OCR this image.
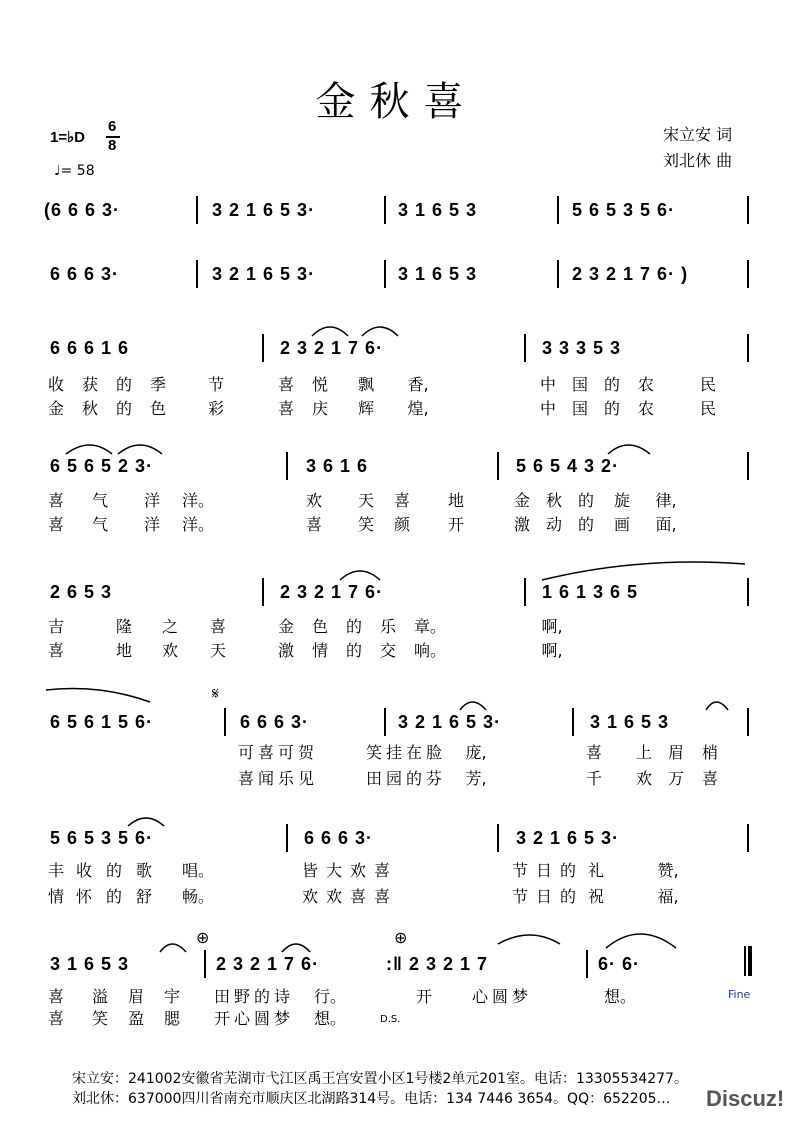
金秋喜
1=♭D
6
8
♩= 58
宋立安 词
刘北休 曲
(6 6 6 3·	3 2 1 6 5 3·	3 1 6 5 3	5 6 5 3 5 6·
6 6 6 3·	3 2 1 6 5 3·	3 1 6 5 3	2 3 2 1 7 6· )
6 6 6 1 6	2 3 2 1 7 6·	3 3 3 5 3
收	获	的	季	节	喜	悦	飘	香,	中 国 的	农	民
金	秋	的	色	彩	喜	庆	辉	煌,	中 国 的	农	民
6 5 6 5 2 3·	3 6 1 6	5 6 5 4 3 2·
喜	气	洋	洋。	欢	天	喜	地	金 秋 的	旋	律,
喜	气	洋	洋。	喜	笑	颜	开	激 动 的	画	面,
2 6 5 3	2 3 2 1 7 6·	1 6 1 3 6 5
吉	隆	之	喜	金	色	的	乐	章。	啊,
喜	地	欢	天	激	情	的	交	响。	啊,
𝄋
6 5 6 1 5 6·	6 6 6 3·	3 2 1 6 5 3·	3 1 6 5 3
可 喜 可 贺	笑 挂 在 脸	庞,	喜	上 眉	梢
喜 闻 乐 见	田 园 的 芬	芳,	千	欢 万	喜
5 6 5 3 5 6·	6 6 6 3·	3 2 1 6 5 3·
丰 收 的 歌	唱。	皆 大 欢 喜	节 日 的 礼	赞,
情 怀 的 舒	畅。	欢 欢 喜 喜	节 日 的 祝	福,
⊕	⊕
3 1 6 5 3	2 3 2 1 7 6·	:‖ 2 3 2 1 7	6· 6·
喜	溢	眉	宇	田 野 的 诗	行。	开	心 圆 梦	想。
喜	笑	盈	腮	开 心 圆 梦	想。	D.S.
Fine
宋立安：241002安徽省芜湖市弋江区禹王宫安置小区1号楼2单元201室。电话：13305534277。
刘北休：637000四川省南充市顺庆区北湖路314号。电话：134 7446 3654。QQ：652205… Discuz!
